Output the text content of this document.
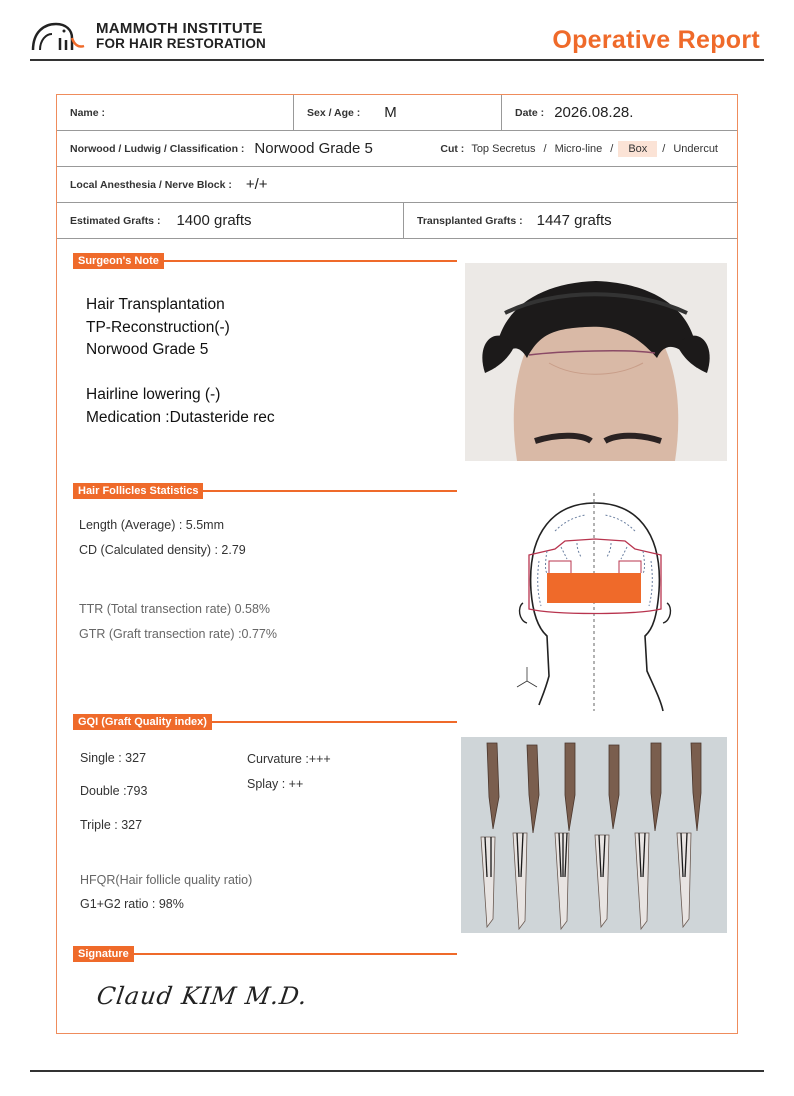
MAMMOTH INSTITUTE
FOR HAIR RESTORATION	Operative Report
Name :	Sex / Age : M	Date : 2026.08.28.
Norwood / Ludwig / Classification : Norwood Grade 5	Cut : Top Secretus / Micro-line /	Box	/ Undercut
Local Anesthesia / Nerve Block : +/+
Estimated Grafts : 1400 grafts	Transplanted Grafts : 1447 grafts
Surgeon's Note
Hair Transplantation
TP-Reconstruction(-)
Norwood Grade 5
Hairline lowering (-)
Medication :Dutasteride rec
Hair Follicles Statistics
Length (Average) : 5.5mm
CD (Calculated density) : 2.79
TTR (Total transection rate) 0.58%
GTR (Graft transection rate) :0.77%
GQI (Graft Quality index)
Single : 327
Double :793
Triple : 327
Curvature :+++
Splay : ++
HFQR(Hair follicle quality ratio)
G1+G2 ratio : 98%
Signature
Claud KIM M.D.
